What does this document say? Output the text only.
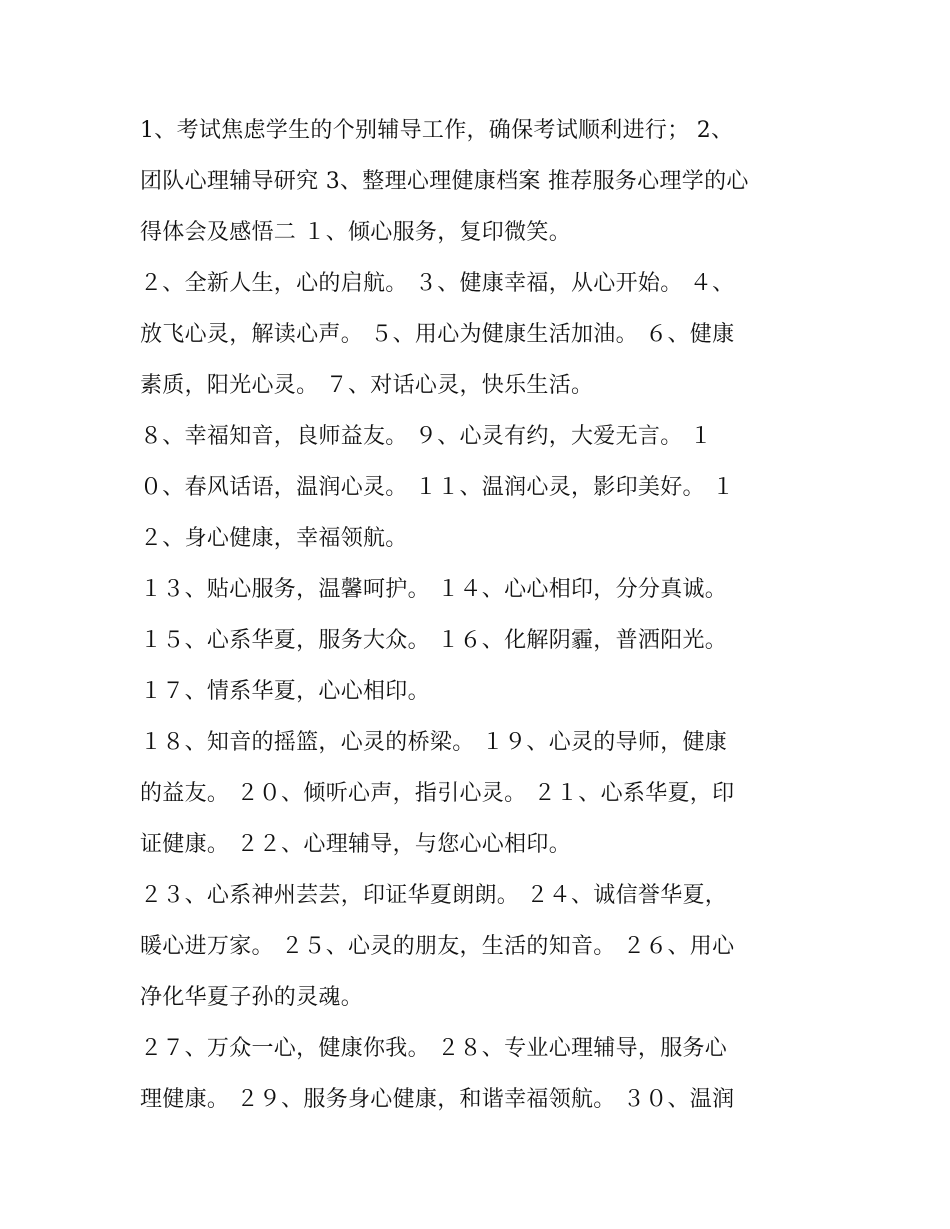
1、考试焦虑学生的个别辅导工作，确保考试顺利进行； 2、
团队心理辅导研究 3、整理心理健康档案 推荐服务心理学的心
得体会及感悟二 １、倾心服务，复印微笑。
２、全新人生，心的启航。 ３、健康幸福，从心开始。 ４、
放飞心灵，解读心声。 ５、用心为健康生活加油。 ６、健康
素质，阳光心灵。 ７、对话心灵，快乐生活。
８、幸福知音，良师益友。 ９、心灵有约，大爱无言。 １
０、春风话语，温润心灵。 １１、温润心灵，影印美好。 １
２、身心健康，幸福领航。
１３、贴心服务，温馨呵护。 １４、心心相印，分分真诚。
１５、心系华夏，服务大众。 １６、化解阴霾，普洒阳光。
１７、情系华夏，心心相印。
１８、知音的摇篮，心灵的桥梁。 １９、心灵的导师，健康
的益友。 ２０、倾听心声，指引心灵。 ２１、心系华夏，印
证健康。 ２２、心理辅导，与您心心相印。
２３、心系神州芸芸，印证华夏朗朗。 ２４、诚信誉华夏，
暖心进万家。 ２５、心灵的朋友，生活的知音。 ２６、用心
净化华夏子孙的灵魂。
２７、万众一心，健康你我。 ２８、专业心理辅导，服务心
理健康。 ２９、服务身心健康，和谐幸福领航。 ３０、温润
